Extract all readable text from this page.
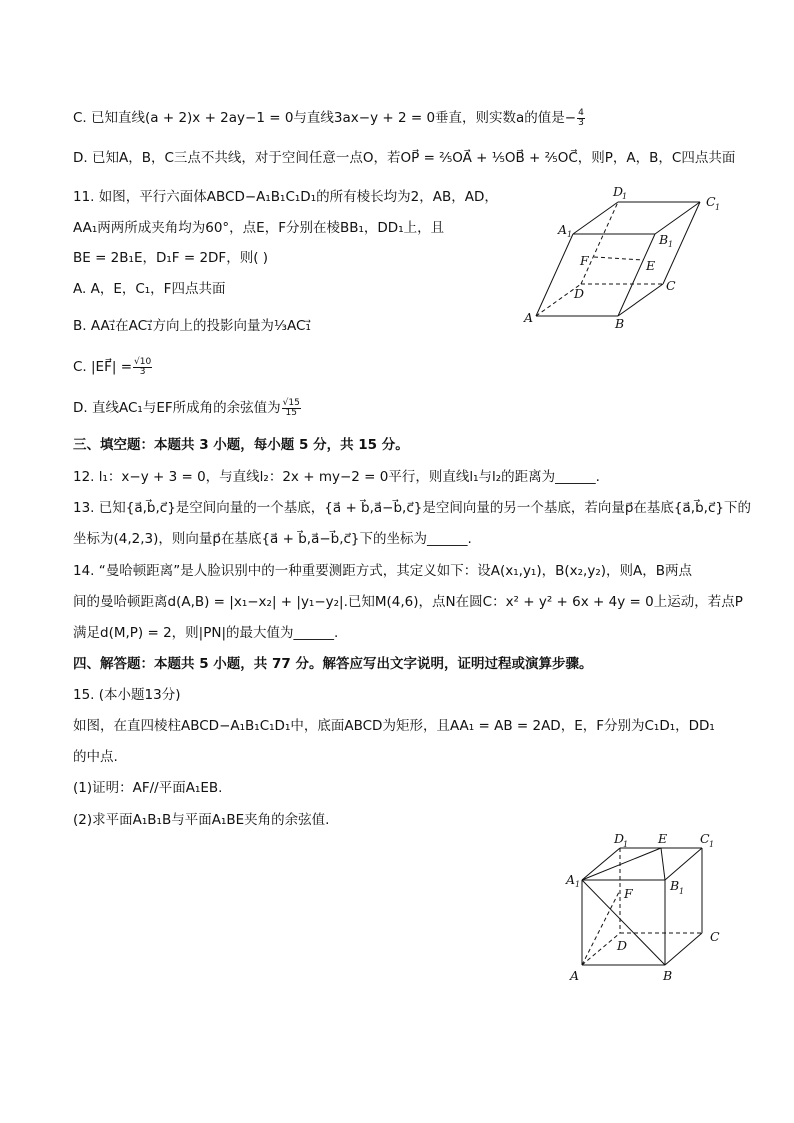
C. 已知直线(a + 2)x + 2ay−1 = 0与直线3ax−y + 2 = 0垂直，则实数a的值是− $\frac{4}{3}$
D. 已知A，B，C三点不共线，对于空间任意一点O，若OP⃗ = ²⁄₅OA⃗ + ¹⁄₅OB⃗ + ²⁄₅OC⃗，则P，A，B，C四点共面
11. 如图，平行六面体ABCD−A₁B₁C₁D₁的所有棱长均为2，AB，AD，
AA₁两两所成夹角均为60°，点E，F分别在棱BB₁，DD₁上，且
BE = 2B₁E，D₁F = 2DF，则( )
A. A，E，C₁，F四点共面
B. AA₁⃗在AC₁⃗方向上的投影向量为⅓AC₁⃗
C. |EF⃗| = $\frac{√10}{3}$
D. 直线AC₁与EF所成角的余弦值为 $\frac{√15}{15}$
三、填空题：本题共 3 小题，每小题 5 分，共 15 分。
12. l₁：x−y + 3 = 0，与直线l₂：2x + my−2 = 0平行，则直线l₁与l₂的距离为______.
13. 已知{a⃗,b⃗,c⃗}是空间向量的一个基底，{a⃗ + b⃗,a⃗−b⃗,c⃗}是空间向量的另一个基底，若向量p⃗在基底{a⃗,b⃗,c⃗}下的
坐标为(4,2,3)，则向量p⃗在基底{a⃗ + b⃗,a⃗−b⃗,c⃗}下的坐标为______.
14. “曼哈顿距离”是人脸识别中的一种重要测距方式，其定义如下：设A(x₁,y₁)，B(x₂,y₂)，则A，B两点
间的曼哈顿距离d(A,B) = |x₁−x₂| + |y₁−y₂|.已知M(4,6)，点N在圆C：x² + y² + 6x + 4y = 0上运动，若点P
满足d(M,P) = 2，则|PN|的最大值为______.
四、解答题：本题共 5 小题，共 77 分。解答应写出文字说明，证明过程或演算步骤。
15. (本小题13分)
如图，在直四棱柱ABCD−A₁B₁C₁D₁中，底面ABCD为矩形，且AA₁ = AB = 2AD，E，F分别为C₁D₁，DD₁
的中点.
(1)证明：AF//平面A₁EB.
(2)求平面A₁B₁B与平面A₁BE夹角的余弦值.
A	B
C
D
A 1	B 1
C 1
D
1
E
F
A 1	B 1
C 1
D
1 E
F
D
C
A	B
